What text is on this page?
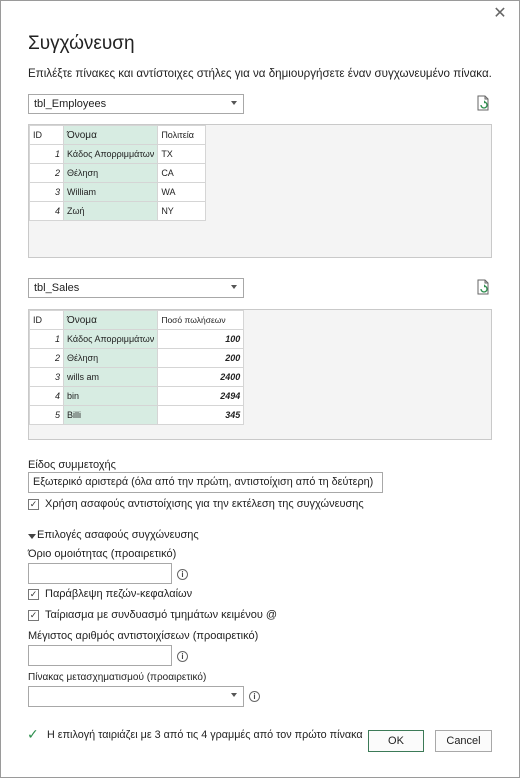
✕
Συγχώνευση
Επιλέξτε πίνακες και αντίστοιχες στήλες για να δημιουργήσετε έναν συγχωνευμένο πίνακα.
tbl_Employees
ID	Όνομα	Πολιτεία
1	Κάδος Απορριμμάτων	TX
2	Θέληση	CA
3	William	WA
4	Ζωή	NY
tbl_Sales
ID	Όνομα	Ποσό πωλήσεων
1	Κάδος Απορριμμάτων	100
2	Θέληση	200
3	wills am	2400
4	bin	2494
5	Billi	345
Είδος συμμετοχής
Εξωτερικό αριστερά (όλα από την πρώτη, αντιστοίχιση από τη δεύτερη)
✓ Χρήση ασαφούς αντιστοίχισης για την εκτέλεση της συγχώνευσης
Επιλογές ασαφούς συγχώνευσης
Όριο ομοιότητας (προαιρετικό)
i
✓ Παράβλεψη πεζών-κεφαλαίων
✓ Ταίριασμα με συνδυασμό τμημάτων κειμένου @
Μέγιστος αριθμός αντιστοιχίσεων (προαιρετικό)
i
Πίνακας μετασχηματισμού (προαιρετικό)
i
✓ Η επιλογή ταιριάζει με 3 από τις 4 γραμμές από τον πρώτο πίνακα	OK	Cancel
